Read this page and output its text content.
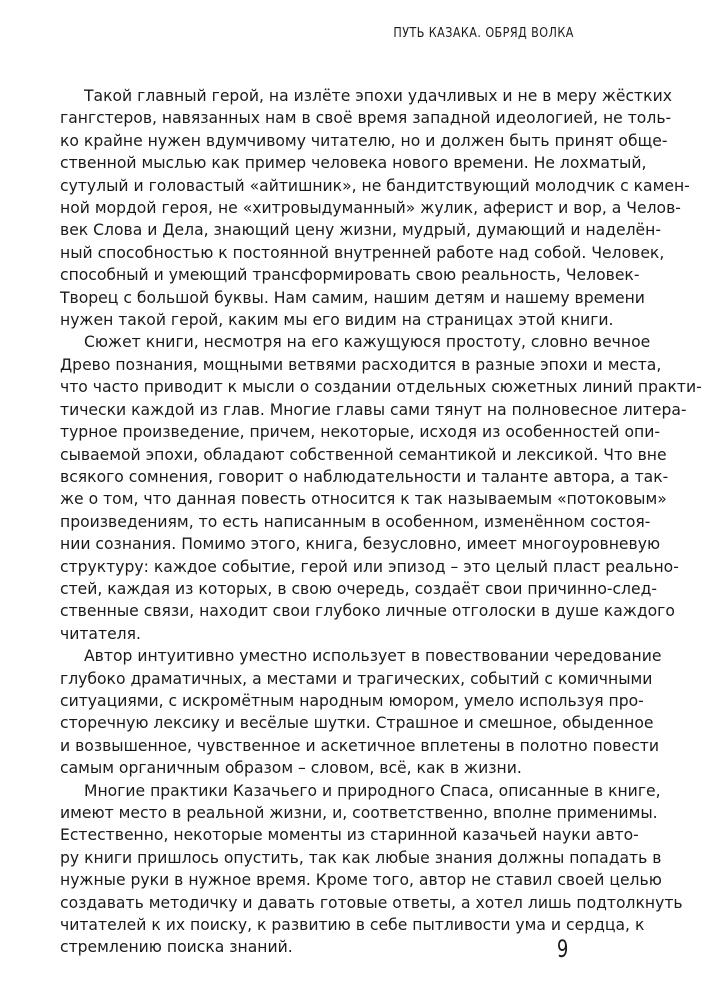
ПУТЬ КАЗАКА. ОБРЯД ВОЛКА
Такой главный герой, на излёте эпохи удачливых и не в меру жёстких
гангстеров, навязанных нам в своё время западной идеологией, не толь-
ко крайне нужен вдумчивому читателю, но и должен быть принят обще-
ственной мыслью как пример человека нового времени. Не лохматый,
сутулый и головастый «айтишник», не бандитствующий молодчик с камен-
ной мордой героя, не «хитровыдуманный» жулик, аферист и вор, а Челов-
век Слова и Дела, знающий цену жизни, мудрый, думающий и наделён-
ный способностью к постоянной внутренней работе над собой. Человек,
способный и умеющий трансформировать свою реальность, Человек-
Творец с большой буквы. Нам самим, нашим детям и нашему времени
нужен такой герой, каким мы его видим на страницах этой книги.
Сюжет книги, несмотря на его кажущуюся простоту, словно вечное
Древо познания, мощными ветвями расходится в разные эпохи и места,
что часто приводит к мысли о создании отдельных сюжетных линий практи-
тически каждой из глав. Многие главы сами тянут на полновесное литера-
турное произведение, причем, некоторые, исходя из особенностей опи-
сываемой эпохи, обладают собственной семантикой и лексикой. Что вне
всякого сомнения, говорит о наблюдательности и таланте автора, а так-
же о том, что данная повесть относится к так называемым «потоковым»
произведениям, то есть написанным в особенном, изменённом состоя-
нии сознания. Помимо этого, книга, безусловно, имеет многоуровневую
структуру: каждое событие, герой или эпизод – это целый пласт реально-
стей, каждая из которых, в свою очередь, создаёт свои причинно-след-
ственные связи, находит свои глубоко личные отголоски в душе каждого
читателя.
Автор интуитивно уместно использует в повествовании чередование
глубоко драматичных, а местами и трагических, событий с комичными
ситуациями, с искромётным народным юмором, умело используя про-
сторечную лексику и весёлые шутки. Страшное и смешное, обыденное
и возвышенное, чувственное и аскетичное вплетены в полотно повести
самым органичным образом – словом, всё, как в жизни.
Многие практики Казачьего и природного Спаса, описанные в книге,
имеют место в реальной жизни, и, соответственно, вполне применимы.
Естественно, некоторые моменты из старинной казачьей науки авто-
ру книги пришлось опустить, так как любые знания должны попадать в
нужные руки в нужное время. Кроме того, автор не ставил своей целью
создавать методичку и давать готовые ответы, а хотел лишь подтолкнуть
читателей к их поиску, к развитию в себе пытливости ума и сердца, к
стремлению поиска знаний.	9
